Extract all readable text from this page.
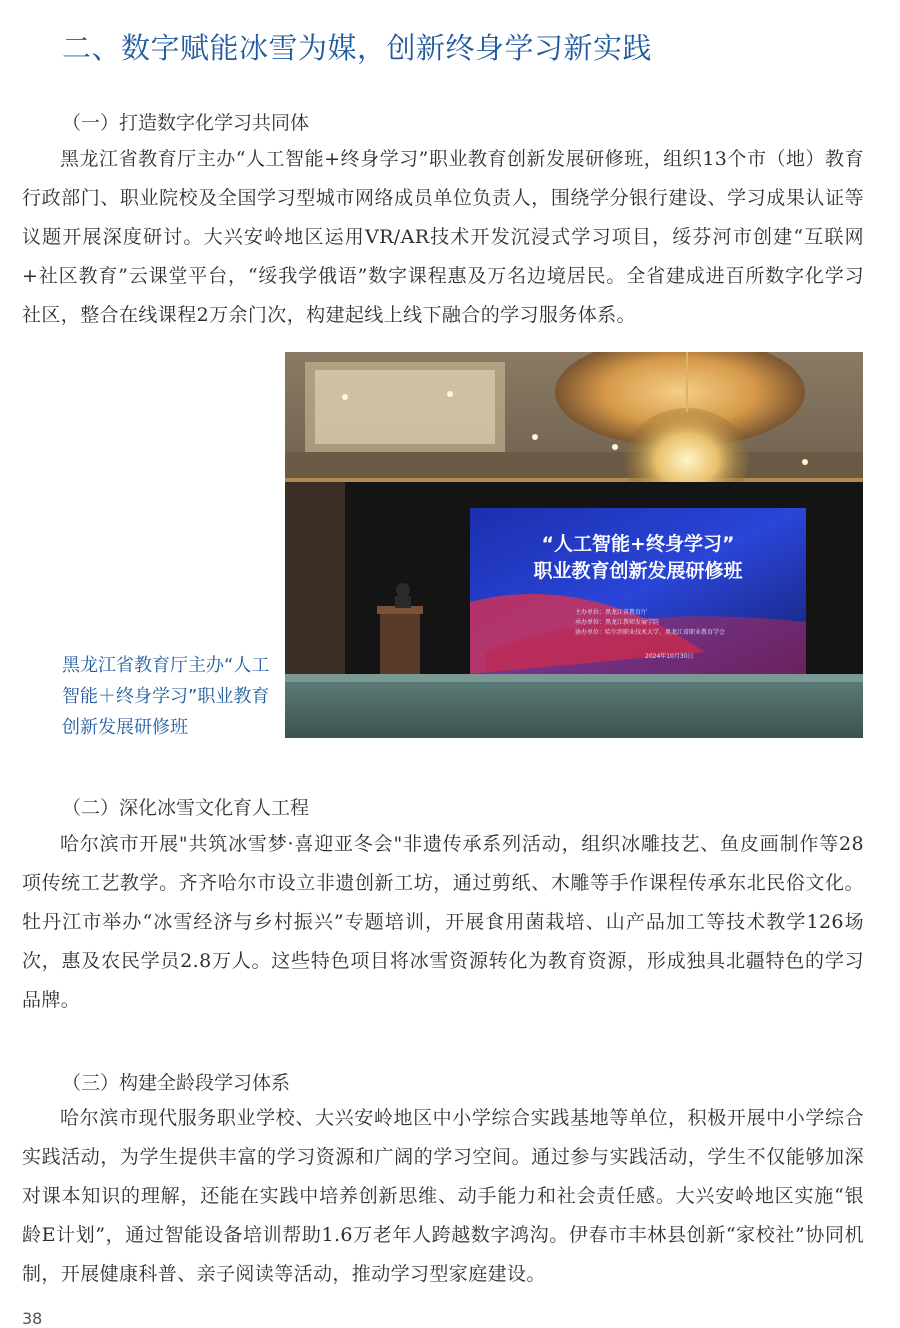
二、数字赋能冰雪为媒，创新终身学习新实践
（一）打造数字化学习共同体
黑龙江省教育厅主办“人工智能+终身学习”职业教育创新发展研修班，组织13个市（地）教育行政部门、职业院校及全国学习型城市网络成员单位负责人，围绕学分银行建设、学习成果认证等议题开展深度研讨。大兴安岭地区运用VR/AR技术开发沉浸式学习项目，绥芬河市创建“互联网+社区教育”云课堂平台，“绥我学俄语”数字课程惠及万名边境居民。全省建成进百所数字化学习社区，整合在线课程2万余门次，构建起线上线下融合的学习服务体系。
黑龙江省教育厅主办“人工智能＋终身学习”职业教育创新发展研修班
“人工智能+终身学习”
职业教育创新发展研修班
主办单位：黑龙江省教育厅
承办单位：黑龙江教师发展学院
协办单位：哈尔滨职业技术大学、黑龙江省职业教育学会
2024年10月30日
（二）深化冰雪文化育人工程
哈尔滨市开展"共筑冰雪梦·喜迎亚冬会"非遗传承系列活动，组织冰雕技艺、鱼皮画制作等28项传统工艺教学。齐齐哈尔市设立非遗创新工坊，通过剪纸、木雕等手作课程传承东北民俗文化。牡丹江市举办“冰雪经济与乡村振兴”专题培训，开展食用菌栽培、山产品加工等技术教学126场次，惠及农民学员2.8万人。这些特色项目将冰雪资源转化为教育资源，形成独具北疆特色的学习品牌。
（三）构建全龄段学习体系
哈尔滨市现代服务职业学校、大兴安岭地区中小学综合实践基地等单位，积极开展中小学综合实践活动，为学生提供丰富的学习资源和广阔的学习空间。通过参与实践活动，学生不仅能够加深对课本知识的理解，还能在实践中培养创新思维、动手能力和社会责任感。大兴安岭地区实施“银龄E计划”，通过智能设备培训帮助1.6万老年人跨越数字鸿沟。伊春市丰林县创新“家校社”协同机制，开展健康科普、亲子阅读等活动，推动学习型家庭建设。
38
